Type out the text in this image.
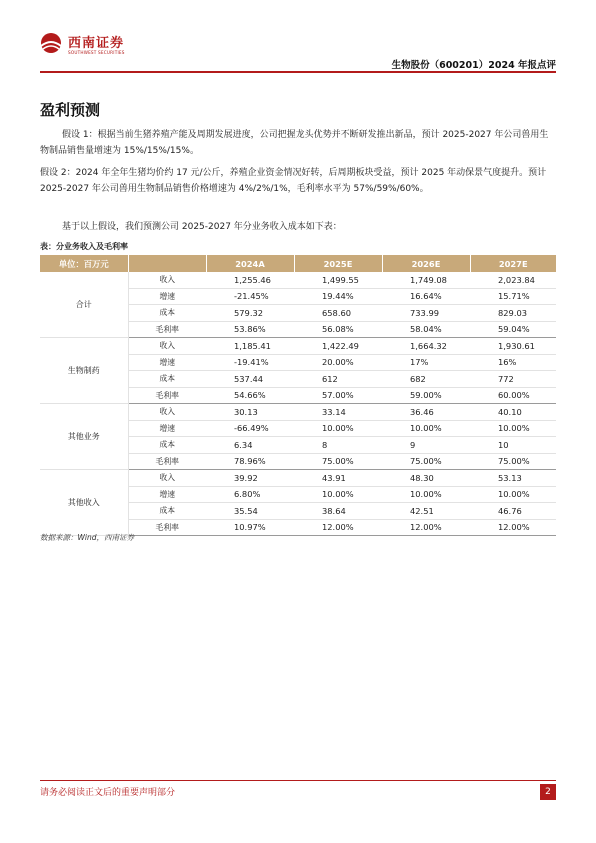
西南证券
SOUTHWEST SECURITIES
生物股份（600201）2024 年报点评
盈利预测
假设 1：根据当前生猪养殖产能及周期发展进度，公司把握龙头优势并不断研发推出新品，预计 2025-2027 年公司兽用生物制品销售量增速为 15%/15%/15%。
假设 2：2024 年全年生猪均价约 17 元/公斤，养殖企业资金情况好转，后周期板块受益，预计 2025 年动保景气度提升。预计 2025-2027 年公司兽用生物制品销售价格增速为 4%/2%/1%，毛利率水平为 57%/59%/60%。
基于以上假设，我们预测公司 2025-2027 年分业务收入成本如下表：
表：分业务收入及毛利率
单位：百万元		2024A	2025E	2026E	2027E
合计	收入	1,255.46	1,499.55	1,749.08	2,023.84
	增速	-21.45%	19.44%	16.64%	15.71%
	成本	579.32	658.60	733.99	829.03
	毛利率	53.86%	56.08%	58.04%	59.04%
生物制药	收入	1,185.41	1,422.49	1,664.32	1,930.61
	增速	-19.41%	20.00%	17%	16%
	成本	537.44	612	682	772
	毛利率	54.66%	57.00%	59.00%	60.00%
其他业务	收入	30.13	33.14	36.46	40.10
	增速	-66.49%	10.00%	10.00%	10.00%
	成本	6.34	8	9	10
	毛利率	78.96%	75.00%	75.00%	75.00%
其他收入	收入	39.92	43.91	48.30	53.13
	增速	6.80%	10.00%	10.00%	10.00%
	成本	35.54	38.64	42.51	46.76
	毛利率	10.97%	12.00%	12.00%	12.00%
数据来源：Wind，西南证券
请务必阅读正文后的重要声明部分	2
